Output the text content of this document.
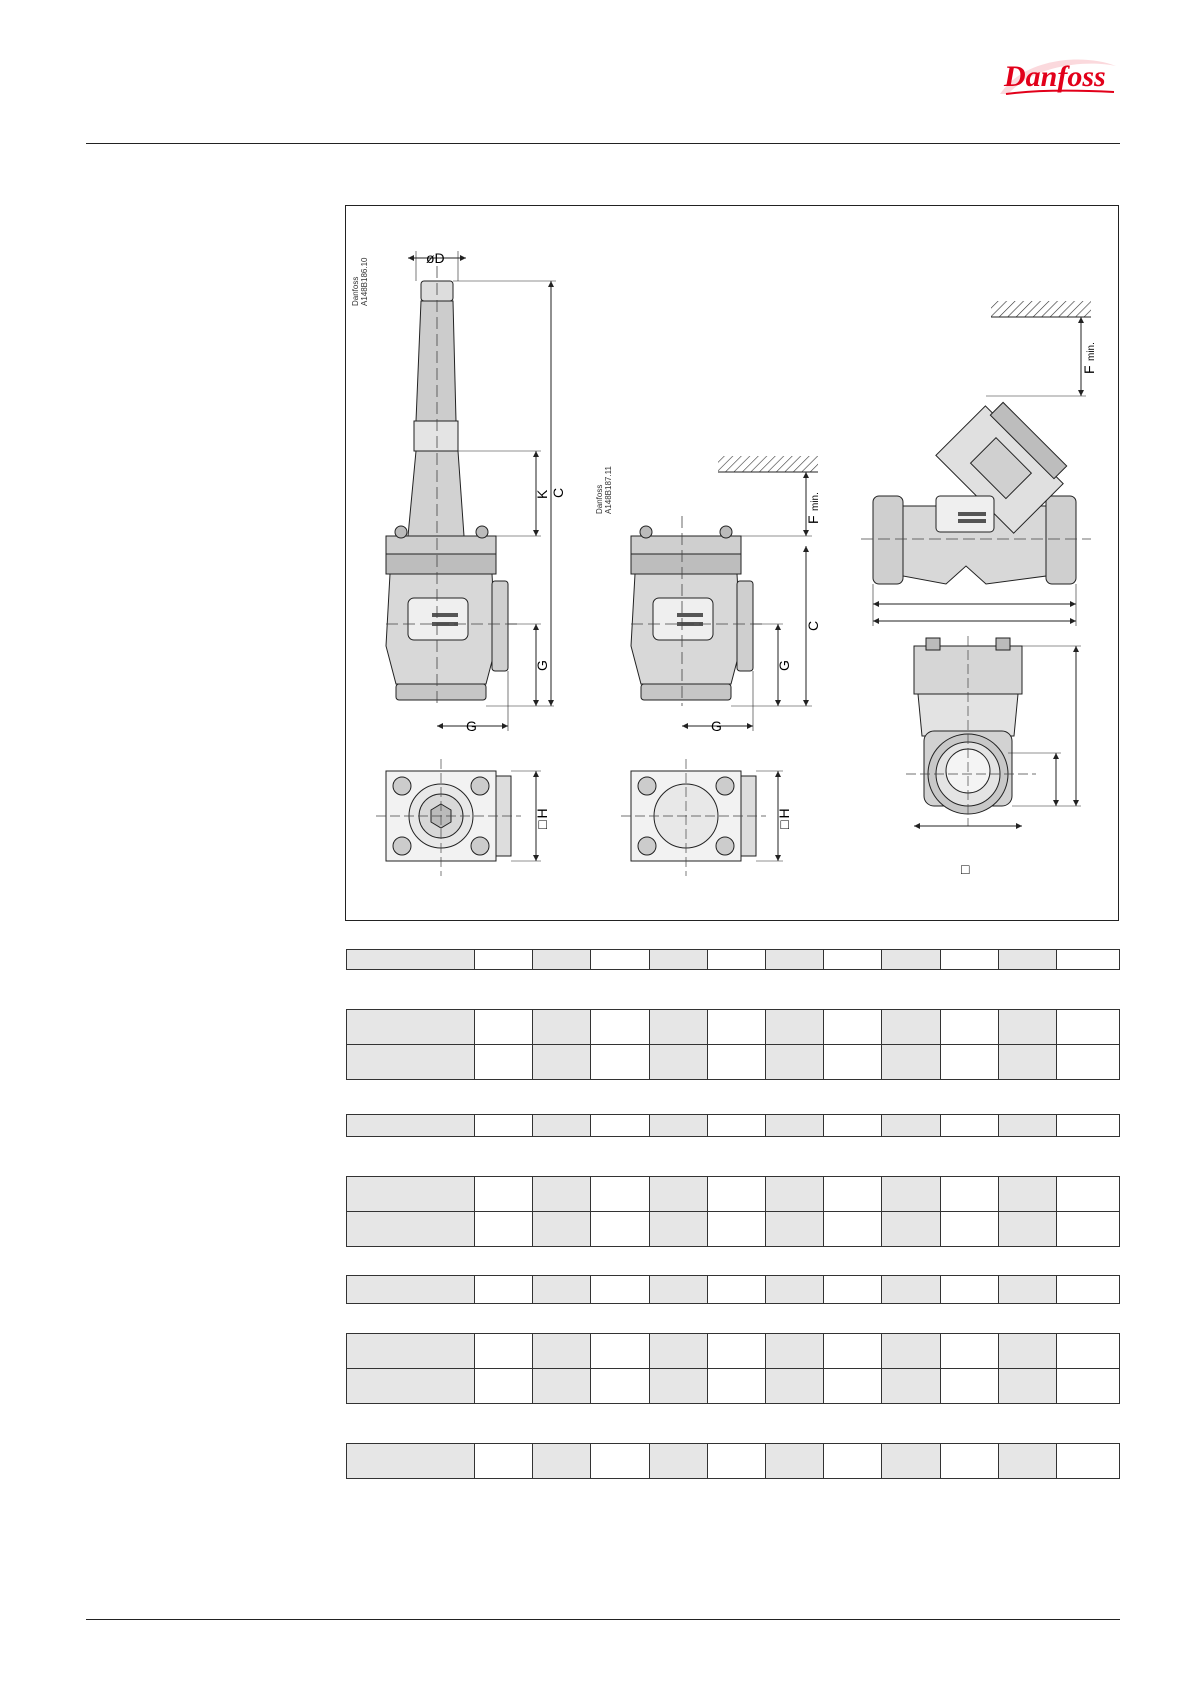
Danfoss
Danfoss A148B186.10	øD
C
K
G
G
□H
Danfoss A148B187.11
F
min.
C
G
G
□H
F
min.
□
